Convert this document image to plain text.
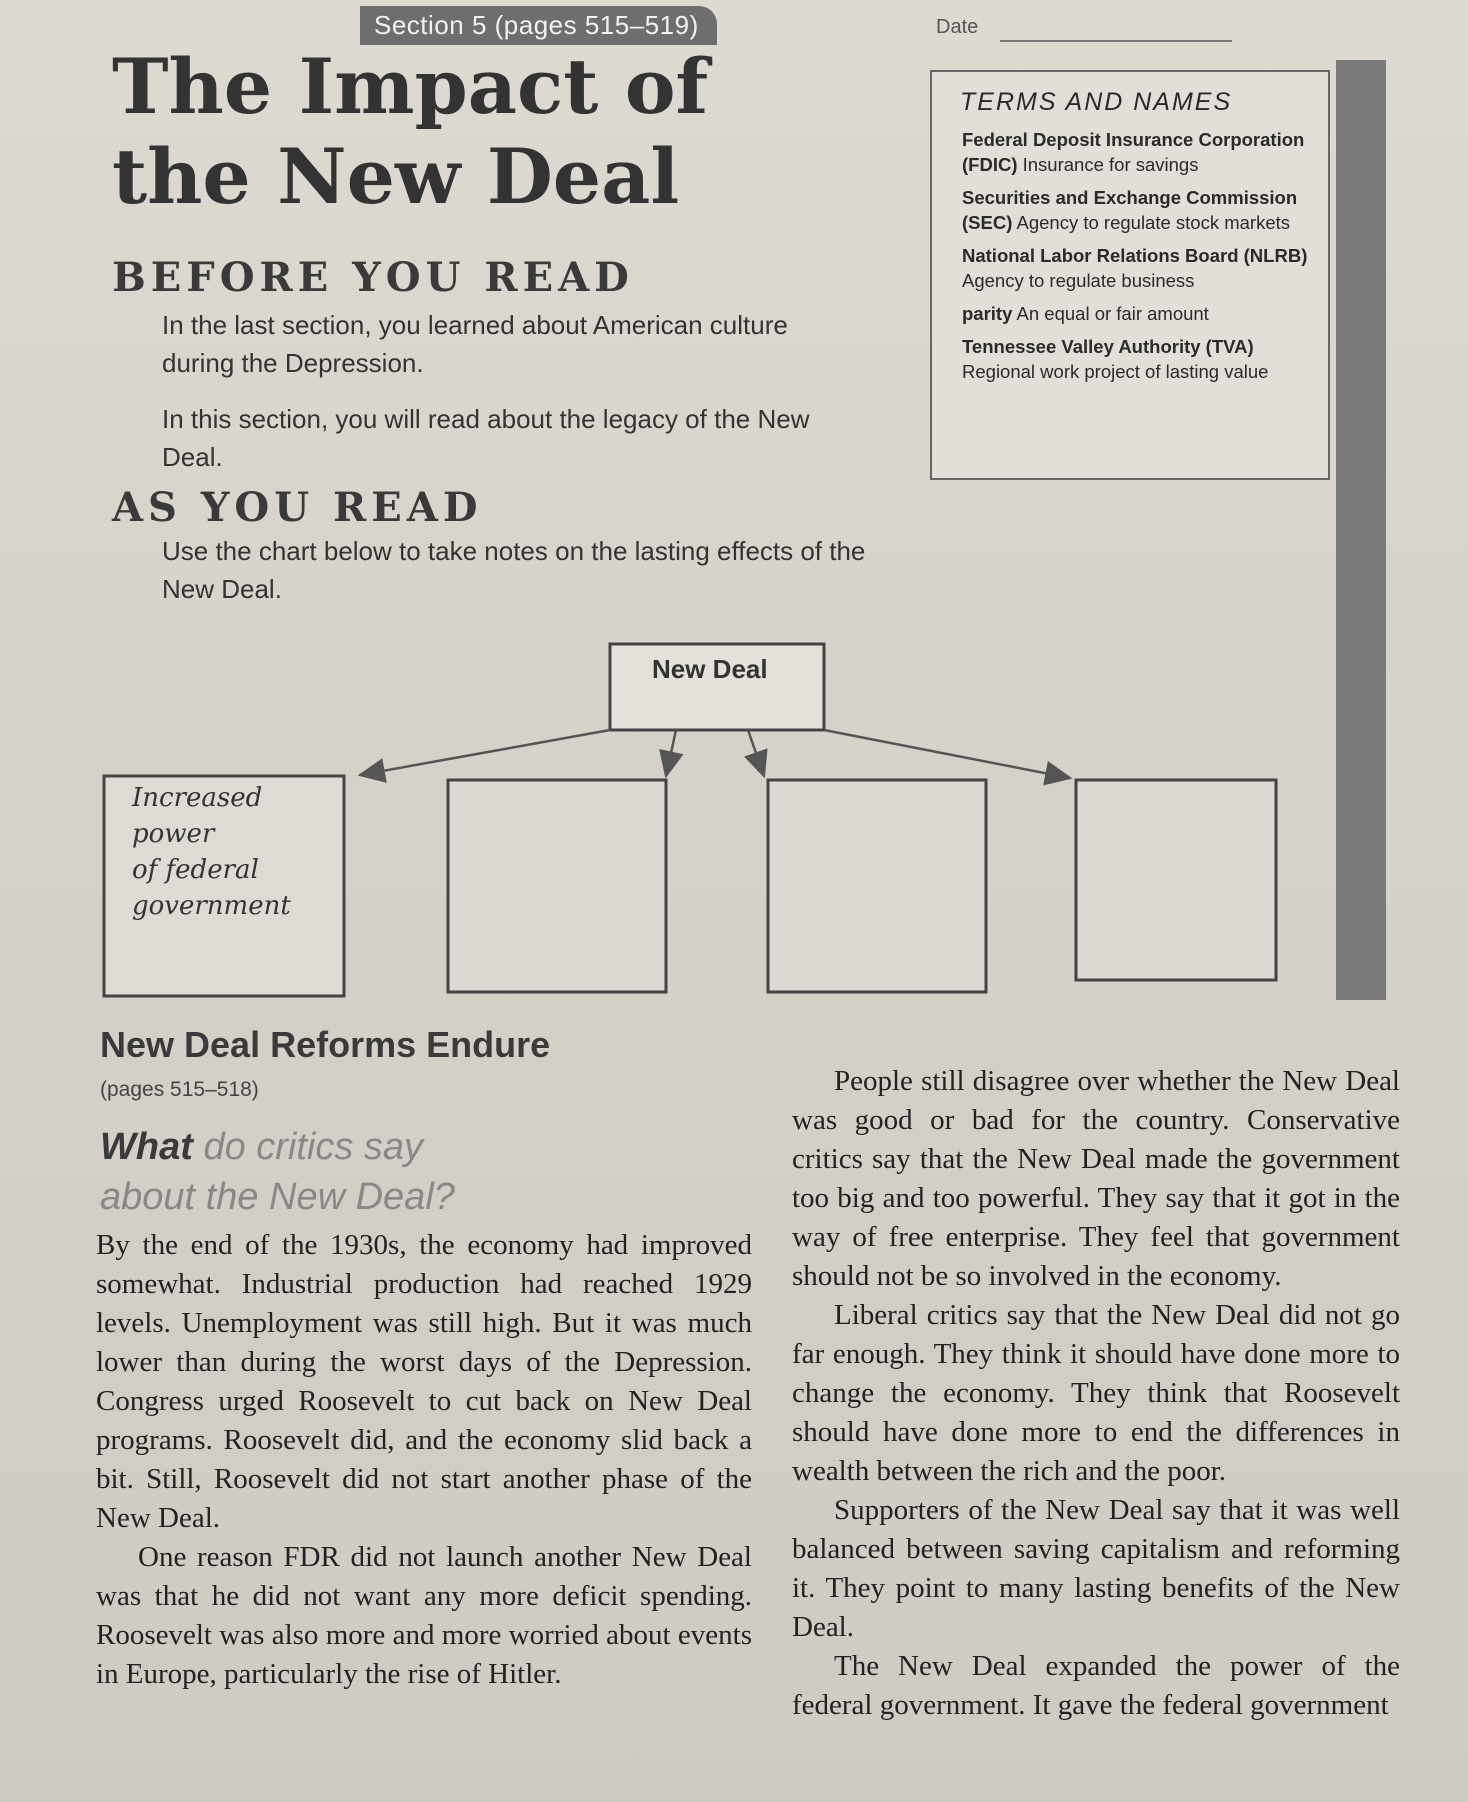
Section 5 (pages 515–519)	Date
The Impact of
the New Deal
BEFORE YOU READ
In the last section, you learned about American culture during the Depression.
In this section, you will read about the legacy of the New Deal.
TERMS AND NAMES
Federal Deposit Insurance Corporation (FDIC) Insurance for savings
Securities and Exchange Commission (SEC) Agency to regulate stock markets
National Labor Relations Board (NLRB) Agency to regulate business
parity An equal or fair amount
Tennessee Valley Authority (TVA) Regional work project of lasting value
AS YOU READ
Use the chart below to take notes on the lasting effects of the New Deal.
New Deal
Increased power
of federal
government
New Deal Reforms Endure
(pages 515–518)
What do critics say
about the New Deal?

By the end of the 1930s, the economy had improved somewhat. Industrial production had reached 1929 levels. Unemployment was still high. But it was much lower than during the worst days of the Depression. Congress urged Roosevelt to cut back on New Deal programs. Roosevelt did, and the economy slid back a bit. Still, Roosevelt did not start another phase of the New Deal.

One reason FDR did not launch another New Deal was that he did not want any more deficit spending. Roosevelt was also more and more worried about events in Europe, particularly the rise of Hitler.

People still disagree over whether the New Deal was good or bad for the country. Conservative critics say that the New Deal made the government too big and too powerful. They say that it got in the way of free enterprise. They feel that government should not be so involved in the economy.

Liberal critics say that the New Deal did not go far enough. They think it should have done more to change the economy. They think that Roosevelt should have done more to end the differences in wealth between the rich and the poor.

Supporters of the New Deal say that it was well balanced between saving capitalism and reforming it. They point to many lasting benefits of the New Deal.

The New Deal expanded the power of the federal government. It gave the federal government
